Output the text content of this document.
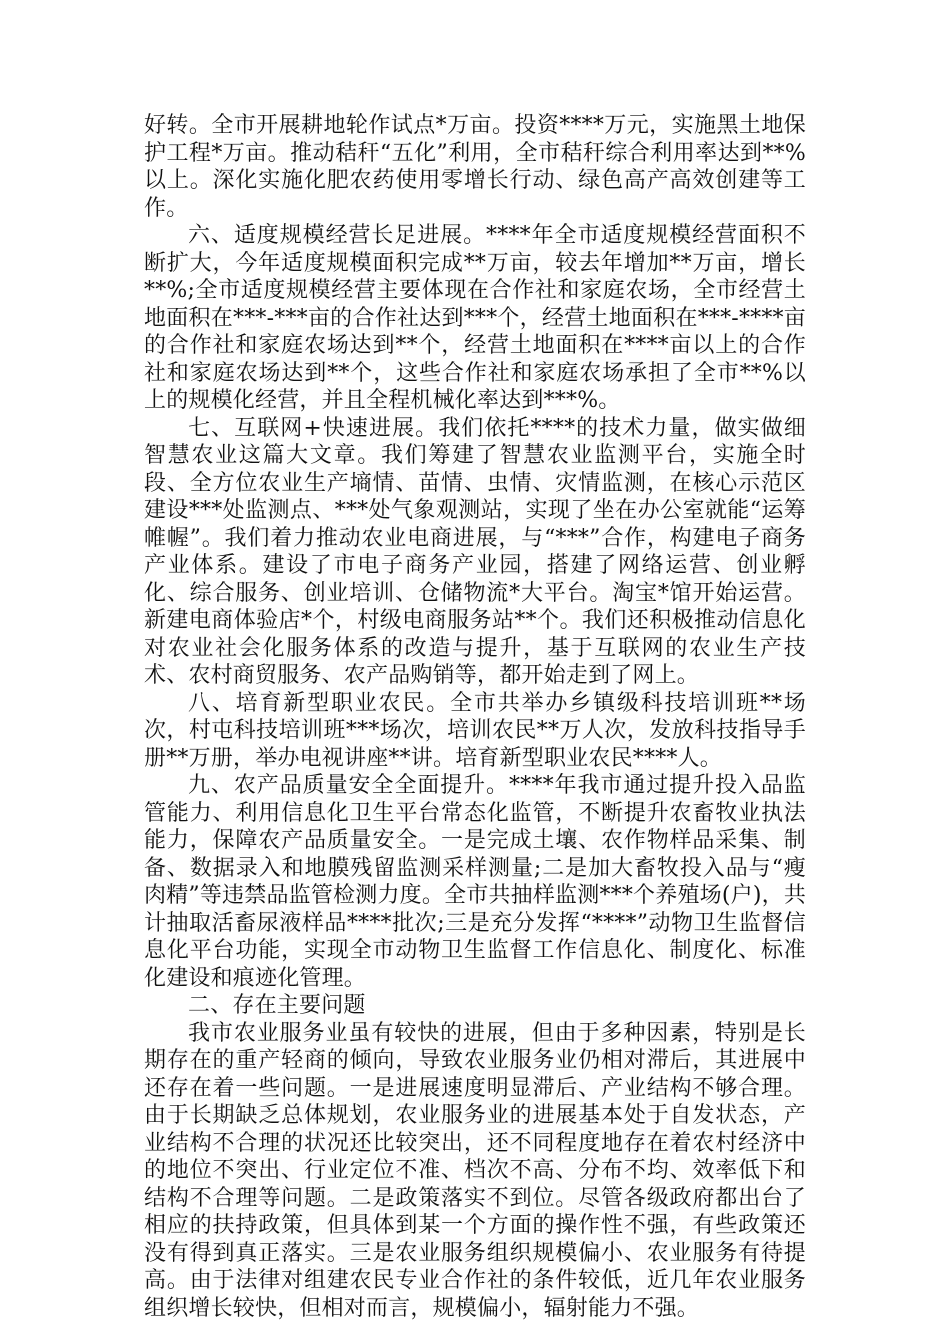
好转。全市开展耕地轮作试点*万亩。投资****万元，实施黑土地保护工程*万亩。推动秸秆“五化”利用，全市秸秆综合利用率达到**%以上。深化实施化肥农药使用零增长行动、绿色高产高效创建等工作。

六、适度规模经营长足进展。****年全市适度规模经营面积不断扩大，今年适度规模面积完成**万亩，较去年增加**万亩，增长**%;全市适度规模经营主要体现在合作社和家庭农场，全市经营土地面积在***-***亩的合作社达到***个，经营土地面积在***-****亩的合作社和家庭农场达到**个，经营土地面积在****亩以上的合作社和家庭农场达到**个，这些合作社和家庭农场承担了全市**%以上的规模化经营，并且全程机械化率达到***%。

七、互联网+快速进展。我们依托****的技术力量，做实做细智慧农业这篇大文章。我们筹建了智慧农业监测平台，实施全时段、全方位农业生产墒情、苗情、虫情、灾情监测，在核心示范区建设***处监测点、***处气象观测站，实现了坐在办公室就能“运筹帷幄”。我们着力推动农业电商进展，与“***”合作，构建电子商务产业体系。建设了市电子商务产业园，搭建了网络运营、创业孵化、综合服务、创业培训、仓储物流*大平台。淘宝*馆开始运营。新建电商体验店*个，村级电商服务站**个。我们还积极推动信息化对农业社会化服务体系的改造与提升，基于互联网的农业生产技术、农村商贸服务、农产品购销等，都开始走到了网上。

八、培育新型职业农民。全市共举办乡镇级科技培训班**场次，村屯科技培训班***场次，培训农民**万人次，发放科技指导手册**万册，举办电视讲座**讲。培育新型职业农民****人。

九、农产品质量安全全面提升。****年我市通过提升投入品监管能力、利用信息化卫生平台常态化监管，不断提升农畜牧业执法能力，保障农产品质量安全。一是完成土壤、农作物样品采集、制备、数据录入和地膜残留监测采样测量;二是加大畜牧投入品与“瘦肉精”等违禁品监管检测力度。全市共抽样监测***个养殖场(户)，共计抽取活畜尿液样品****批次;三是充分发挥“****”动物卫生监督信息化平台功能，实现全市动物卫生监督工作信息化、制度化、标准化建设和痕迹化管理。

二、存在主要问题

我市农业服务业虽有较快的进展，但由于多种因素，特别是长期存在的重产轻商的倾向，导致农业服务业仍相对滞后，其进展中还存在着一些问题。一是进展速度明显滞后、产业结构不够合理。由于长期缺乏总体规划，农业服务业的进展基本处于自发状态，产业结构不合理的状况还比较突出，还不同程度地存在着农村经济中的地位不突出、行业定位不准、档次不高、分布不均、效率低下和结构不合理等问题。二是政策落实不到位。尽管各级政府都出台了相应的扶持政策，但具体到某一个方面的操作性不强，有些政策还没有得到真正落实。三是农业服务组织规模偏小、农业服务有待提高。由于法律对组建农民专业合作社的条件较低，近几年农业服务组织增长较快，但相对而言，规模偏小，辐射能力不强。
